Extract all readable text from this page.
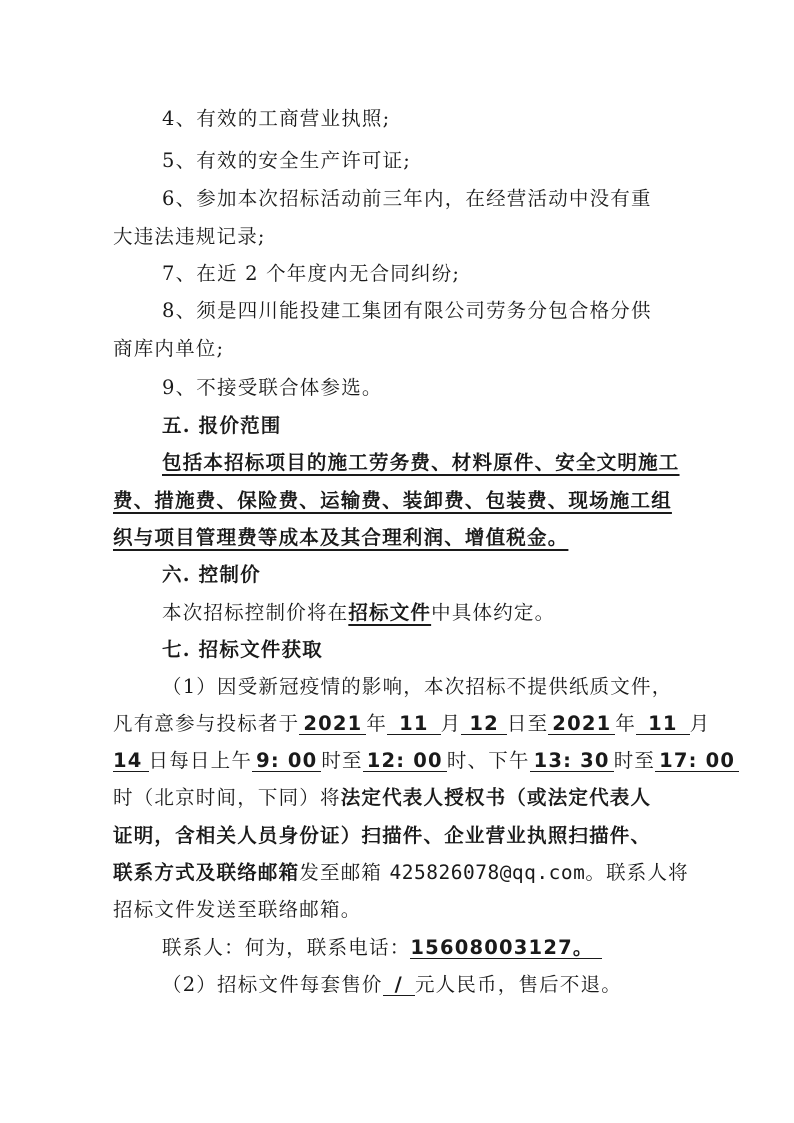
4、有效的工商营业执照;
5、有效的安全生产许可证;
6、参加本次招标活动前三年内，在经营活动中没有重
大违法违规记录;
7、在近 2 个年度内无合同纠纷;
8、须是四川能投建工集团有限公司劳务分包合格分供
商库内单位;
9、不接受联合体参选。
五. 报价范围
包括本招标项目的施工劳务费、材料原件、安全文明施工
费、措施费、保险费、运输费、装卸费、包装费、现场施工组
织与项目管理费等成本及其合理利润、增值税金。
六. 控制价
本次招标控制价将在招标文件中具体约定。
七. 招标文件获取
（1）因受新冠疫情的影响，本次招标不提供纸质文件，
凡有意参与投标者于 2021 年 11 月 12 日至 2021 年 11 月
14 日每日上午 9: 00 时至 12: 00 时、下午 13: 30 时至 17: 00
时（北京时间，下同）将法定代表人授权书（或法定代表人
证明，含相关人员身份证）扫描件、企业营业执照扫描件、
联系方式及联络邮箱发至邮箱 425826078@qq.com。联系人将
招标文件发送至联络邮箱。
联系人：何为，联系电话：15608003127。
（2）招标文件每套售价 / 元人民币，售后不退。
